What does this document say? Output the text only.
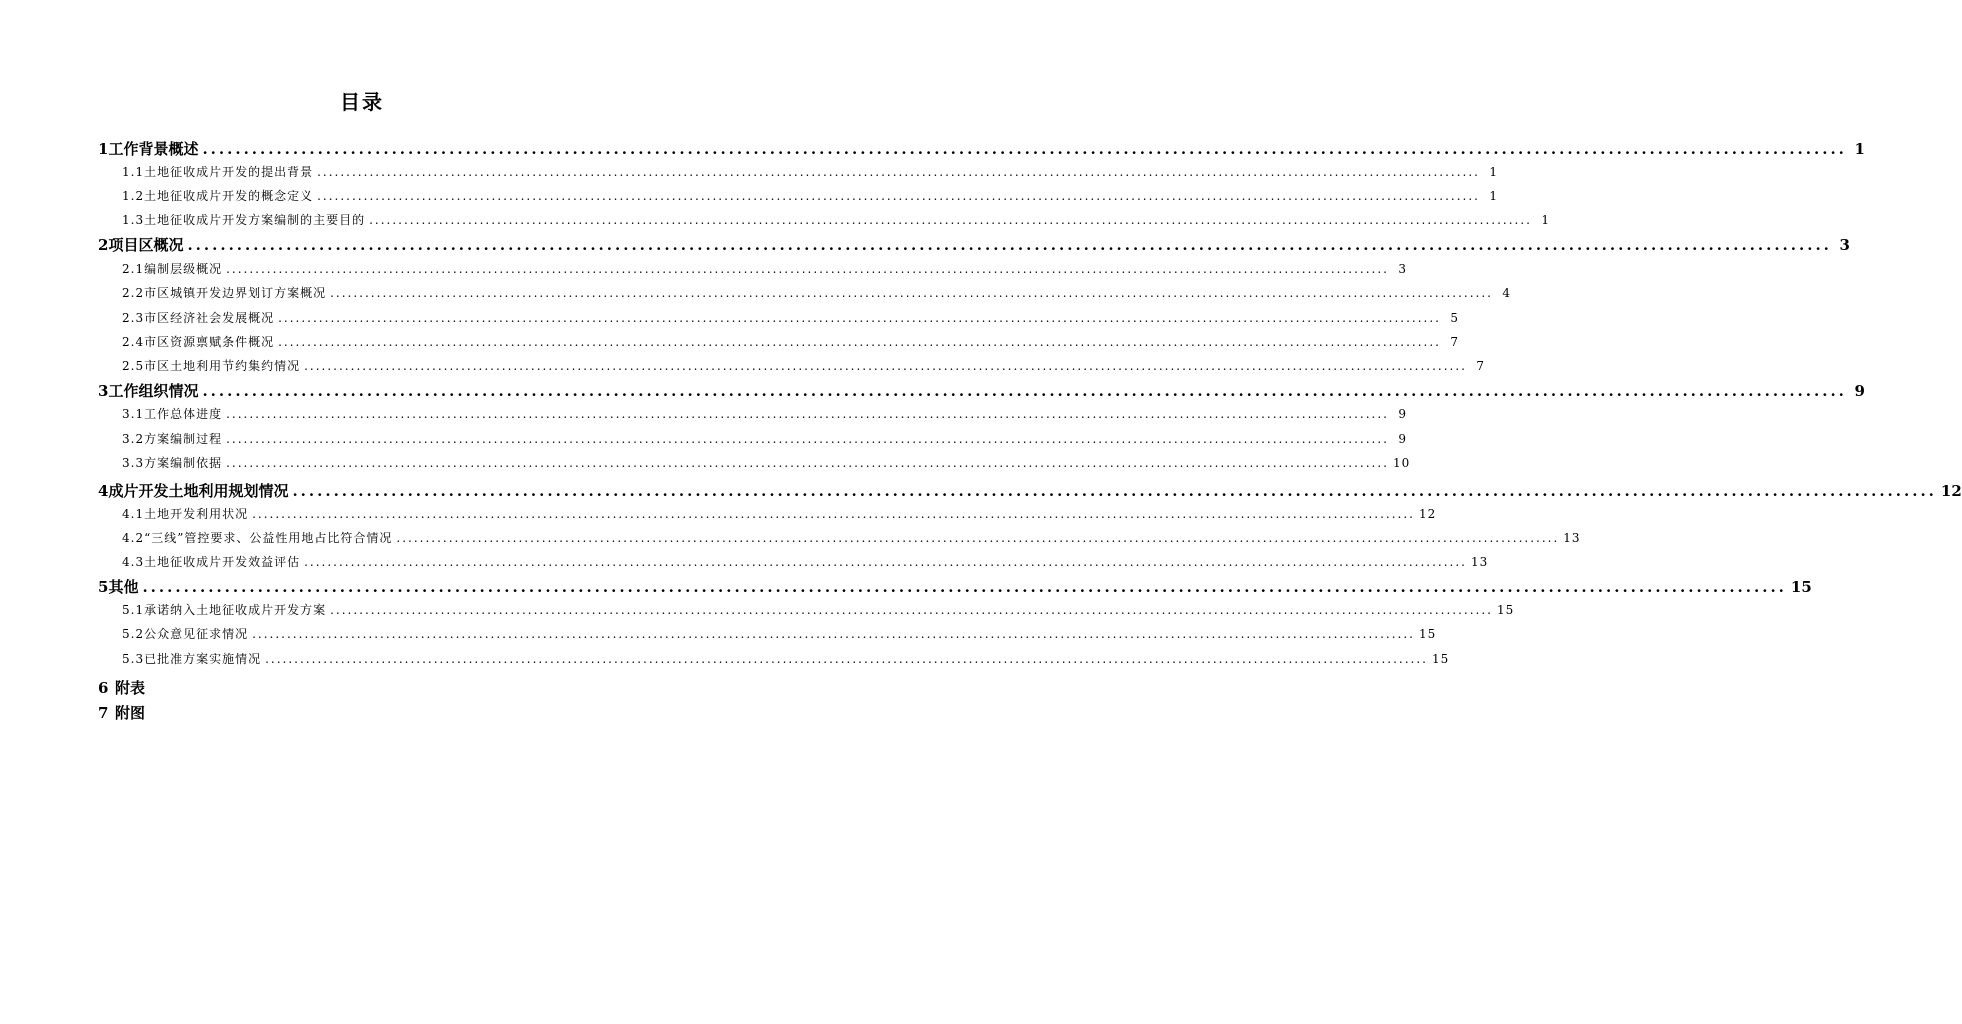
目录
1 工作背景概述 ........................................................................................................................................................................................................ 1
1.1 土地征收成片开发的提出背景 ........................................................................................................................................................................................................ 1
1.2 土地征收成片开发的概念定义 ........................................................................................................................................................................................................ 1
1.3 土地征收成片开发方案编制的主要目的 ........................................................................................................................................................................................................ 1
2 项目区概况 ........................................................................................................................................................................................................ 3
2.1 编制层级概况 ........................................................................................................................................................................................................ 3
2.2 市区城镇开发边界划订方案概况 ........................................................................................................................................................................................................ 4
2.3 市区经济社会发展概况 ........................................................................................................................................................................................................ 5
2.4 市区资源禀赋条件概况 ........................................................................................................................................................................................................ 7
2.5 市区土地利用节约集约情况 ........................................................................................................................................................................................................ 7
3 工作组织情况 ........................................................................................................................................................................................................ 9
3.1 工作总体进度 ........................................................................................................................................................................................................ 9
3.2 方案编制过程 ........................................................................................................................................................................................................ 9
3.3 方案编制依据 ........................................................................................................................................................................................................ 10
4 成片开发土地利用规划情况 ........................................................................................................................................................................................................ 12
4.1 土地开发利用状况 ........................................................................................................................................................................................................ 12
4.2 “三线”管控要求、公益性用地占比符合情况 ........................................................................................................................................................................................................ 13
4.3 土地征收成片开发效益评估 ........................................................................................................................................................................................................ 13
5 其他 ........................................................................................................................................................................................................ 15
5.1 承诺纳入土地征收成片开发方案 ........................................................................................................................................................................................................ 15
5.2 公众意见征求情况 ........................................................................................................................................................................................................ 15
5.3 已批准方案实施情况 ........................................................................................................................................................................................................ 15
6 附表
7 附图
